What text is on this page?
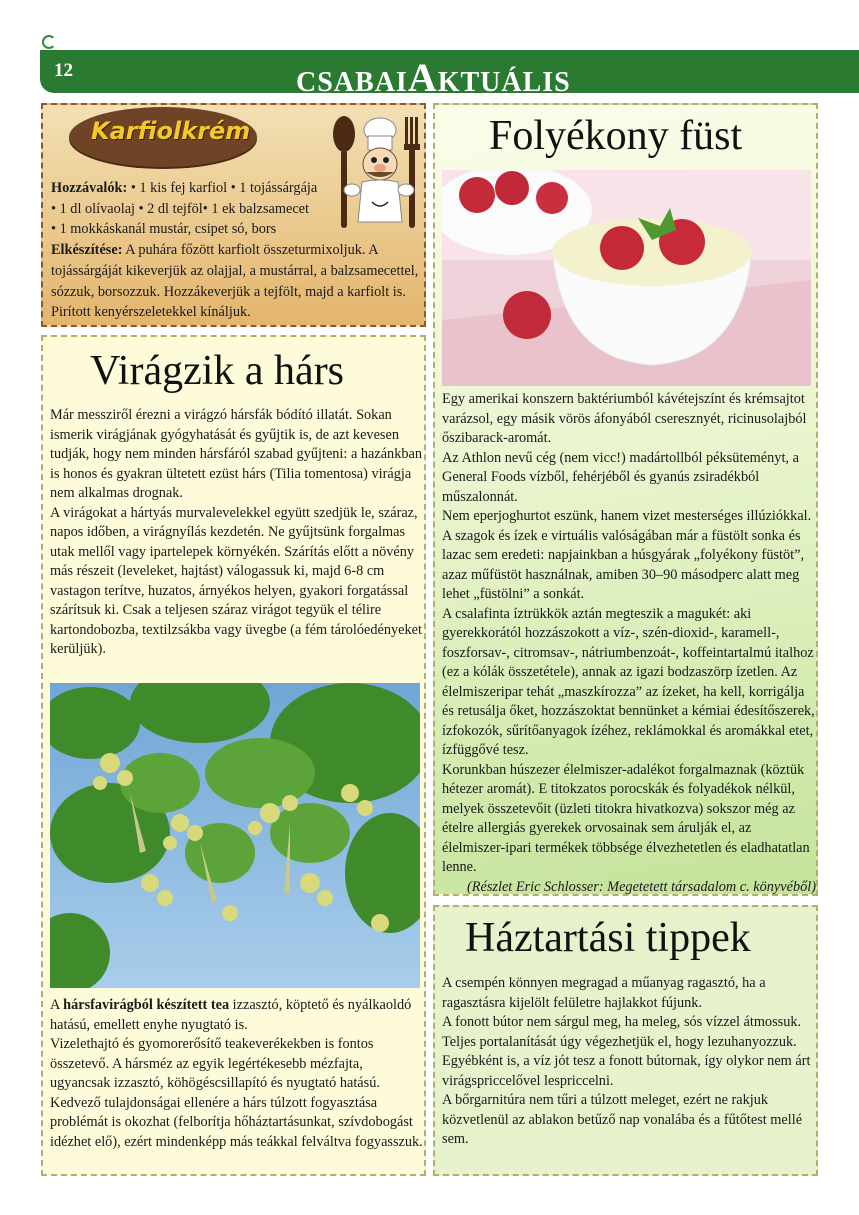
12	CSABAIAKTUÁLIS
Karfiolkrém

Hozzávalók: • 1 kis fej karfiol • 1 tojássárgája

• 1 dl olívaolaj • 2 dl tejföl• 1 ek balzsamecet

• 1 mokkáskanál mustár, csipet só, bors

Elkészítése: A puhára főzött karfiolt összeturmixoljuk. A tojássárgáját kikeverjük az olajjal, a mustárral, a balzsamecettel, sózzuk, borsozzuk. Hozzákeverjük a tejfölt, majd a karfiolt is. Pirított kenyérszeletekkel kínáljuk.

Virágzik a hárs

Már messziről érezni a virágzó hársfák bódító illatát. Sokan ismerik virágjának gyógyhatását és gyűjtik is, de azt kevesen tudják, hogy nem minden hársfáról szabad gyűjteni: a hazánkban is honos és gyakran ültetett ezüst hárs (Tilia tomentosa) virágja nem alkalmas drognak.

A virágokat a hártyás murvalevelekkel együtt szedjük le, száraz, napos időben, a virágnyílás kezdetén. Ne gyűjtsünk forgalmas utak mellől vagy ipartelepek környékén. Szárítás előtt a növény más részeit (leveleket, hajtást) válogassuk ki, majd 6-8 cm vastagon terítve, huzatos, árnyékos helyen, gyakori forgatással szárítsuk ki. Csak a teljesen száraz virágot tegyük el télire kartondobozba, textilzsákba vagy üvegbe (a fém tárolóedényeket kerüljük).

A hársfavirágból készített tea izzasztó, köptető és nyálkaoldó hatású, emellett enyhe nyugtató is.

Vizelethajtó és gyomorerősítő teakeverékekben is fontos összetevő. A hársméz az egyik legértékesebb mézfajta, ugyancsak izzasztó, köhögéscsillapító és nyugtató hatású. Kedvező tulajdonságai ellenére a hárs túlzott fogyasztása problémát is okozhat (felborítja hőháztartásunkat, szívdobogást idézhet elő), ezért mindenképp más teákkal felváltva fogyasszuk.

Folyékony füst

Egy amerikai konszern baktériumból kávétejszínt és krémsajtot varázsol, egy másik vörös áfonyából cseresznyét, ricinusolajból őszibarack-aromát.

Az Athlon nevű cég (nem vicc!) madártollból péksüteményt, a General Foods vízből, fehérjéből és gyanús zsiradékból műszalonnát.

Nem eperjoghurtot eszünk, hanem vizet mesterséges illúziókkal. A szagok és ízek e virtuális valóságában már a füstölt sonka és lazac sem eredeti: napjainkban a húsgyárak „folyékony füstöt”, azaz műfüstöt használnak, amiben 30–90 másodperc alatt meg lehet „füstölni” a sonkát.

A csalafinta íztrükkök aztán megteszik a magukét: aki gyerekkorától hozzászokott a víz-, szén-dioxid-, karamell-, foszforsav-, citromsav-, nátriumbenzoát-, koffeintartalmú italhoz (ez a kólák összetétele), annak az igazi bodzaszörp ízetlen. Az élelmiszeripar tehát „maszkírozza” az ízeket, ha kell, korrigálja és retusálja őket, hozzászoktat bennünket a kémiai édesítőszerek, ízfokozók, sűrítőanyagok ízéhez, reklámokkal és aromákkal etet, ízfüggővé tesz.

Korunkban húszezer élelmiszer-adalékot forgalmaznak (köztük hétezer aromát). E titokzatos porocskák és folyadékok nélkül, melyek összetevőit (üzleti titokra hivatkozva) sokszor még az ételre allergiás gyerekek orvosainak sem árulják el, az élelmiszer-ipari termékek többsége élvezhetetlen és eladhatatlan lenne.

(Részlet Eric Schlosser: Megetetett társadalom c. könyvéből)

Háztartási tippek

A csempén könnyen megragad a műanyag ragasztó, ha a ragasztásra kijelölt felületre hajlakkot fújunk.

A fonott bútor nem sárgul meg, ha meleg, sós vízzel átmossuk. Teljes portalanítását úgy végezhetjük el, hogy lezuhanyozzuk. Egyébként is, a víz jót tesz a fonott bútornak, így olykor nem árt virágspriccelővel lespriccelni.

A bőrgarnitúra nem tűri a túlzott meleget, ezért ne rakjuk közvetlenül az ablakon betűző nap vonalába és a fűtőtest mellé sem.
